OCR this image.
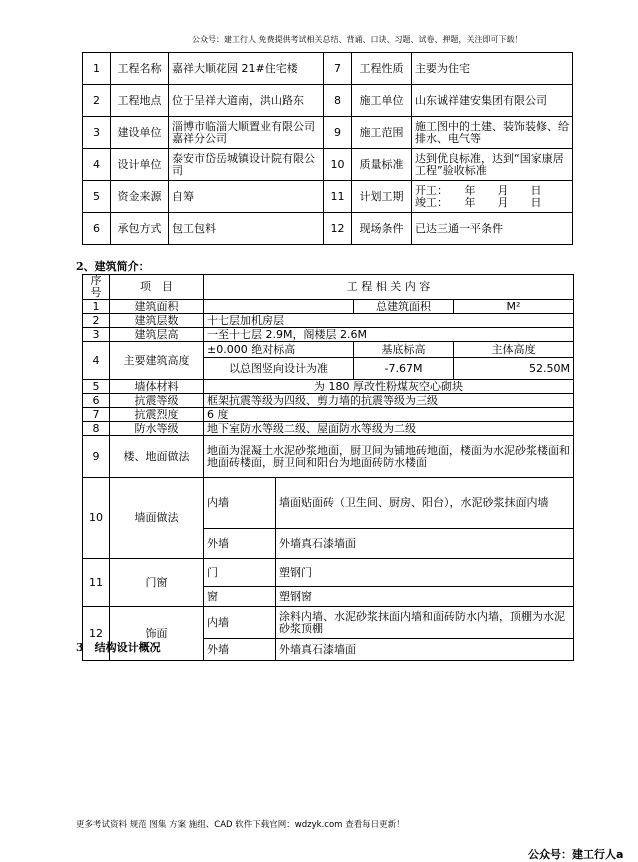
公众号：建工行人 免费提供考试相关总结、背诵、口诀、习题、试卷、押题，关注即可下载！
1	工程名称	嘉祥大顺花园 21#住宅楼	7	工程性质	主要为住宅
2	工程地点	位于呈祥大道南，洪山路东	8	施工单位	山东诚祥建安集团有限公司
3	建设单位	淄博市临淄大顺置业有限公司嘉祥分公司	9	施工范围	施工图中的土建、装饰装修、给排水、电气等
4	设计单位	泰安市岱岳城镇设计院有限公司	10	质量标准	达到优良标准，达到“国家康居工程”验收标准
5	资金来源	自筹	11	计划工期	开工：　　年　　月　　日
竣工：　　年　　月　　日
6	承包方式	包工包料	12	现场条件	已达三通一平条件
2、建筑简介：
序号	项　目	工 程 相 关 内 容			
1	建筑面积			总建筑面积	M²
2	建筑层数	十七层加机房层			
3	建筑层高	一至十七层 2.9M，阁楼层 2.6M			
4	主要建筑高度	±0.000 绝对标高		基底标高	主体高度
		以总图竖向设计为准		-7.67M	52.50M
5	墙体材料	为 180 厚改性粉煤灰空心砌块			
6	抗震等级	框架抗震等级为四级、剪力墙的抗震等级为三级			
7	抗震烈度	6 度			
8	防水等级	地下室防水等级二级、屋面防水等级为二级			
9	楼、地面做法	地面为混凝土水泥砂浆地面，厨卫间为铺地砖地面，楼面为水泥砂浆楼面和地面砖楼面，厨卫间和阳台为地面砖防水楼面			
10	墙面做法	内墙	墙面贴面砖（卫生间、厨房、阳台），水泥砂浆抹面内墙		
		外墙	外墙真石漆墙面		
11	门窗	门	塑钢门		
		窗	塑钢窗		
12	饰面	内墙	涂料内墙、水泥砂浆抹面内墙和面砖防水内墙，顶棚为水泥砂浆顶棚		
		外墙	外墙真石漆墙面		
3　结构设计概况
更多考试资料 规范 图集 方案 施组、CAD 软件下载官网：wdzyk.com 查看每日更新！
公众号：建工行人a
